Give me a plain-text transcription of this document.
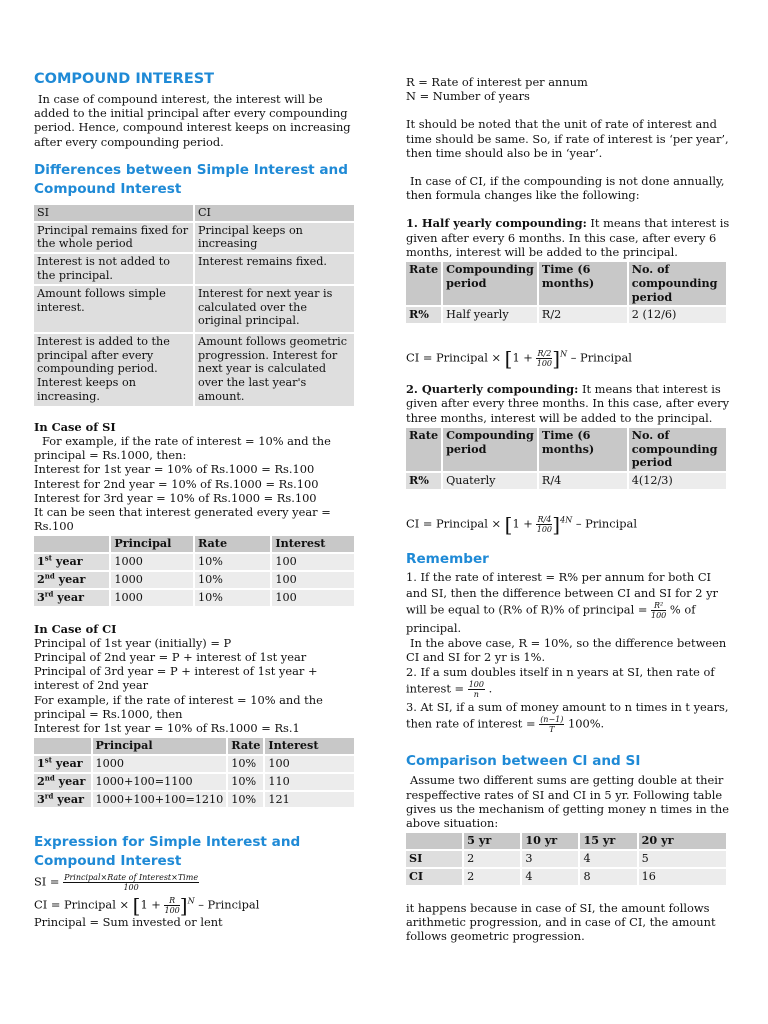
COMPOUND INTEREST

In case of compound interest, the interest will be added to the initial principal after every compounding period. Hence, compound interest keeps on increasing after every compounding period.

Differences between Simple Interest and Compound Interest
SI	CI
Principal remains fixed for the whole period	Principal keeps on increasing
Interest is not added to the principal.	Interest remains fixed.
Amount follows simple interest.	Interest for next year is calculated over the original principal.
Interest is added to the principal after every compounding period. Interest keeps on increasing.	Amount follows geometric progression. Interest for next year is calculated over the last year's amount.

In Case of SI

For example, if the rate of interest = 10% and the principal = Rs.1000, then:

Interest for 1st year = 10% of Rs.1000 = Rs.100

Interest for 2nd year = 10% of Rs.1000 = Rs.100

Interest for 3rd year = 10% of Rs.1000 = Rs.100

It can be seen that interest generated every year = Rs.100

	Principal	Rate	Interest
1st year	1000	10%	100
2nd year	1000	10%	100
3rd year	1000	10%	100

In Case of CI

Principal of 1st year (initially) = P

Principal of 2nd year = P + interest of 1st year

Principal of 3rd year = P + interest of 1st year + interest of 2nd year

For example, if the rate of interest = 10% and the principal = Rs.1000, then

Interest for 1st year = 10% of Rs.1000 = Rs.1

	Principal	Rate	Interest
1st year	1000	10%	100
2nd year	1000+100=1100	10%	110
3rd year	1000+100+100=1210	10%	121
Expression for Simple Interest and Compound Interest
SI = $\frac{\text{Principal×Rate of Interest×Time}}{100}$
CI = Principal × $[1 + \frac{R}{100} ]^N$ – Principal

Principal = Sum invested or lent

R = Rate of interest per annum

N = Number of years

It should be noted that the unit of rate of interest and time should be same. So, if rate of interest is ‘per year’, then time should also be in ‘year’.

In case of CI, if the compounding is not done annually, then formula changes like the following:

1. Half yearly compounding: It means that interest is given after every 6 months. In this case, after every 6 months, interest will be added to the principal.

Rate	Compounding period	Time (6 months)	No. of compounding period
R%	Half yearly	R/2	2 (12/6)
CI = Principal × $[1 + \frac{R/2}{100} ]^N$ – Principal

2. Quarterly compounding: It means that interest is given after every three months. In this case, after every three months, interest will be added to the principal.

Rate	Compounding period	Time (6 months)	No. of compounding period
R%	Quaterly	R/4	4(12/3)
CI = Principal × $[1 + \frac{R/4}{100} ]^{4N}$ – Principal
Remember

1. If the rate of interest = R% per annum for both CI and SI, then the difference between CI and SI for 2 yr will be equal to (R% of R)% of principal = $\frac{\text{R²}}{100}$ % of principal.

In the above case, R = 10%, so the difference between CI and SI for 2 yr is 1%.

2. If a sum doubles itself in n years at SI, then rate of interest = $\frac{100}{n}$ .

3. At SI, if a sum of money amount to n times in t years, then rate of interest = $\frac{(n-1)}{T} 100\%$.

Comparison between CI and SI

Assume two different sums are getting double at their respeffective rates of SI and CI in 5 yr. Following table gives us the mechanism of getting money n times in the above situation:

	5 yr	10 yr	15 yr	20 yr
SI	2	3	4	5
CI	2	4	8	16

it happens because in case of SI, the amount follows arithmetic progression, and in case of CI, the amount follows geometric progression.
